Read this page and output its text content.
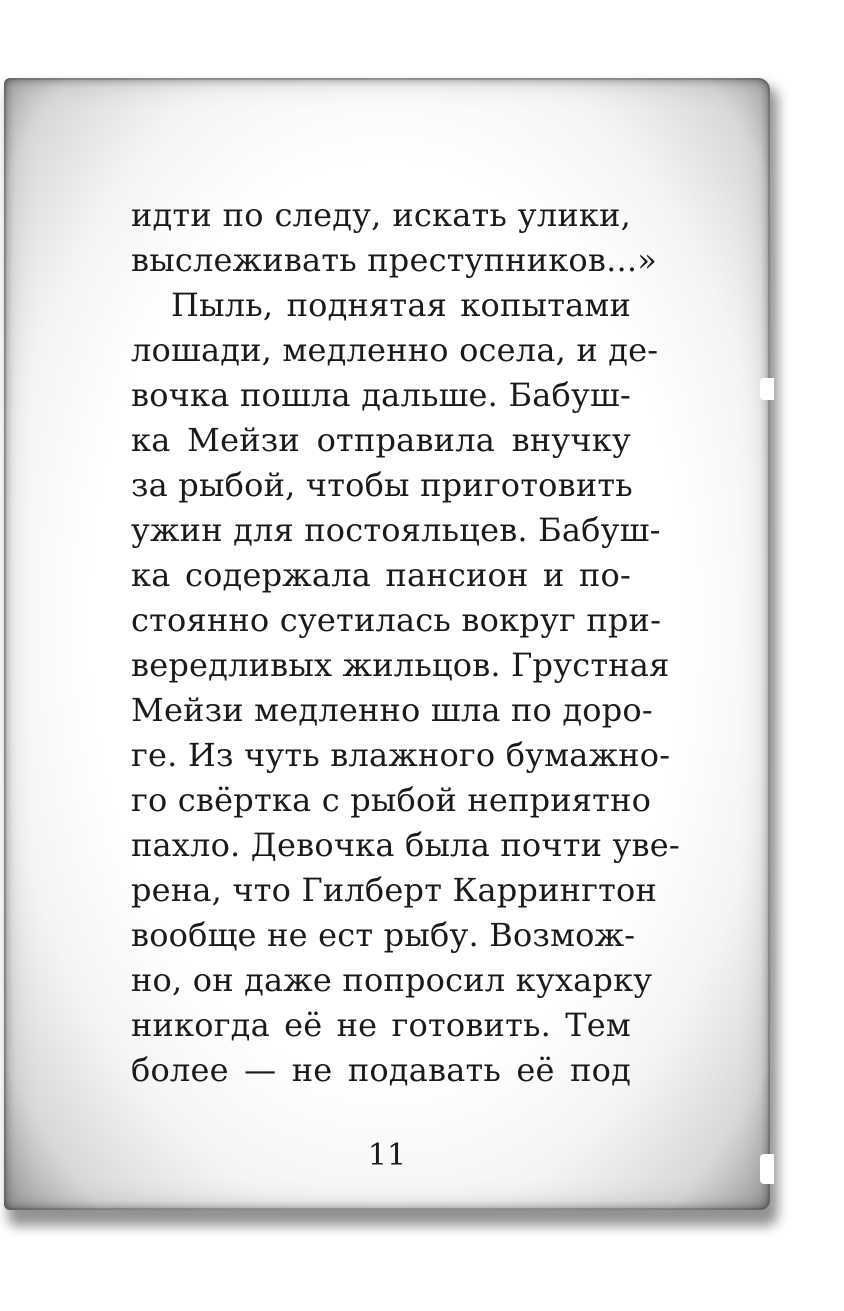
11
идти по следу, искать улики,
выслеживать преступников...»
Пыль, поднятая копытами
лошади, медленно осела, и де-
вочка пошла дальше. Бабуш-
ка Мейзи отправила внучку
за рыбой, чтобы приготовить
ужин для постояльцев. Бабуш-
ка содержала пансион и по-
стоянно суетилась вокруг при-
вередливых жильцов. Грустная
Мейзи медленно шла по доро-
ге. Из чуть влажного бумажно-
го свёртка с рыбой неприятно
пахло. Девочка была почти уве-
рена, что Гилберт Каррингтон
вообще не ест рыбу. Возмож-
но, он даже попросил кухарку
никогда её не готовить. Тем
более — не подавать её под
